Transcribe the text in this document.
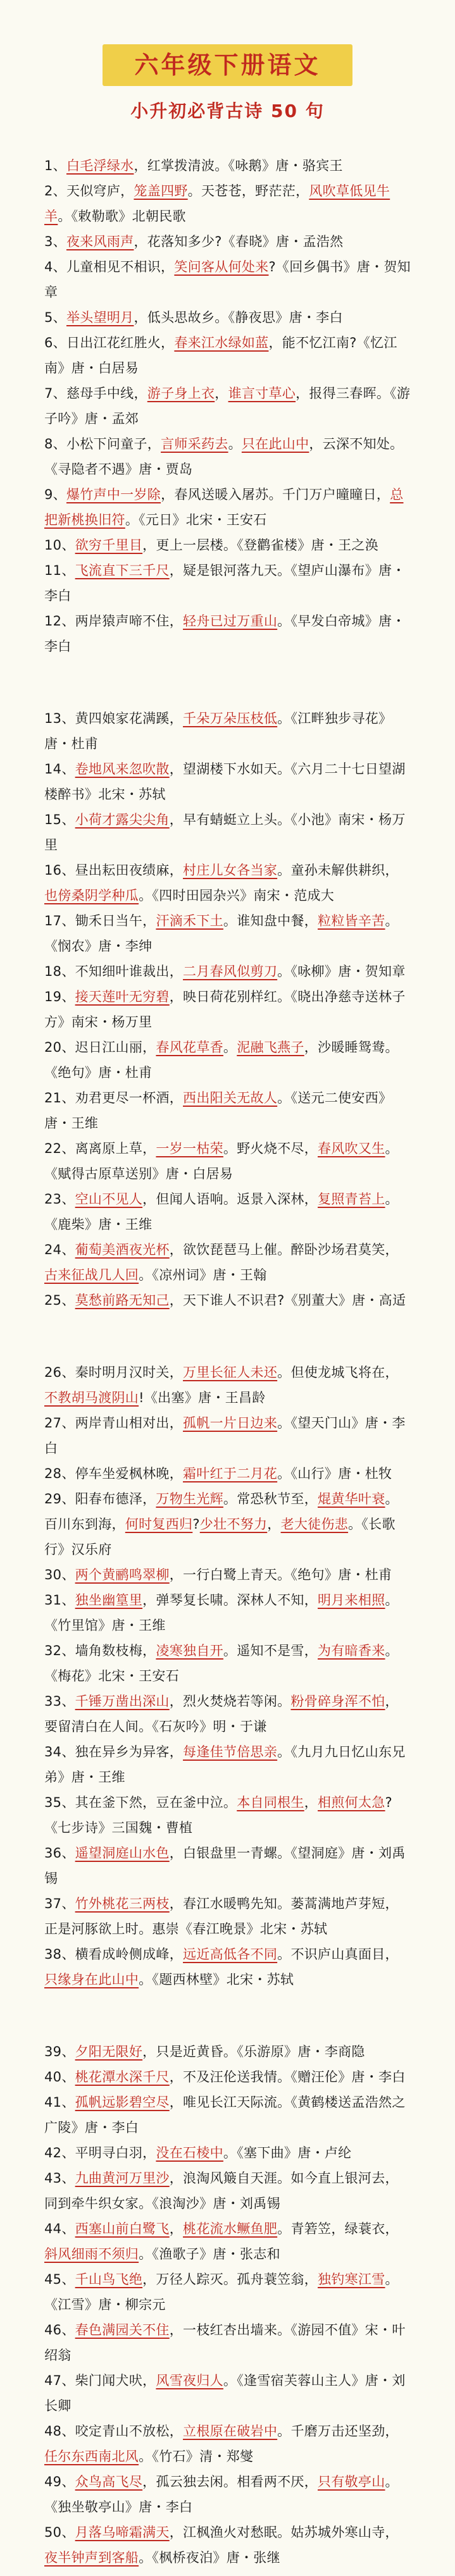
六年级下册语文
小升初必背古诗 50 句
1、白毛浮绿水，红掌拨清波。《咏鹅》唐・骆宾王
2、天似穹庐，笼盖四野。天苍苍，野茫茫，风吹草低见牛羊。《敕勒歌》北朝民歌
3、夜来风雨声，花落知多少?《春晓》唐・孟浩然
4、儿童相见不相识，笑问客从何处来?《回乡偶书》唐・贺知章
5、举头望明月，低头思故乡。《静夜思》唐・李白
6、日出江花红胜火，春来江水绿如蓝，能不忆江南?《忆江南》唐・白居易
7、慈母手中线，游子身上衣，谁言寸草心，报得三春晖。《游子吟》唐・孟郊
8、小松下问童子，言师采药去。只在此山中，云深不知处。《寻隐者不遇》唐・贾岛
9、爆竹声中一岁除，春风送暖入屠苏。千门万户曈曈日，总把新桃换旧符。《元日》北宋・王安石
10、欲穷千里目，更上一层楼。《登鹳雀楼》唐・王之涣
11、飞流直下三千尺，疑是银河落九天。《望庐山瀑布》唐・李白
12、两岸猿声啼不住，轻舟已过万重山。《早发白帝城》唐・李白
13、黄四娘家花满蹊，千朵万朵压枝低。《江畔独步寻花》唐・杜甫
14、卷地风来忽吹散，望湖楼下水如天。《六月二十七日望湖楼醉书》北宋・苏轼
15、小荷才露尖尖角，早有蜻蜓立上头。《小池》南宋・杨万里
16、昼出耘田夜绩麻，村庄儿女各当家。童孙未解供耕织，也傍桑阴学种瓜。《四时田园杂兴》南宋・范成大
17、锄禾日当午，汗滴禾下土。谁知盘中餐，粒粒皆辛苦。《悯农》唐・李绅
18、不知细叶谁裁出，二月春风似剪刀。《咏柳》唐・贺知章
19、接天莲叶无穷碧，映日荷花别样红。《晓出净慈寺送林子方》南宋・杨万里
20、迟日江山丽，春风花草香。泥融飞燕子，沙暖睡鸳鸯。《绝句》唐・杜甫
21、劝君更尽一杯酒，西出阳关无故人。《送元二使安西》唐・王维
22、离离原上草，一岁一枯荣。野火烧不尽，春风吹又生。《赋得古原草送别》唐・白居易
23、空山不见人，但闻人语响。返景入深林，复照青苔上。《鹿柴》唐・王维
24、葡萄美酒夜光杯，欲饮琵琶马上催。醉卧沙场君莫笑，古来征战几人回。《凉州词》唐・王翰
25、莫愁前路无知己，天下谁人不识君?《别董大》唐・高适
26、秦时明月汉时关，万里长征人未还。但使龙城飞将在，不教胡马渡阴山!《出塞》唐・王昌龄
27、两岸青山相对出，孤帆一片日边来。《望天门山》唐・李白
28、停车坐爱枫林晚，霜叶红于二月花。《山行》唐・杜牧
29、阳春布德泽，万物生光辉。常恐秋节至，焜黄华叶衰。百川东到海，何时复西归?少壮不努力，老大徒伤悲。《长歌行》汉乐府
30、两个黄鹂鸣翠柳，一行白鹭上青天。《绝句》唐・杜甫
31、独坐幽篁里，弹琴复长啸。深林人不知，明月来相照。《竹里馆》唐・王维
32、墙角数枝梅，凌寒独自开。遥知不是雪，为有暗香来。《梅花》北宋・王安石
33、千锤万凿出深山，烈火焚烧若等闲。粉骨碎身浑不怕，要留清白在人间。《石灰吟》明・于谦
34、独在异乡为异客，每逢佳节倍思亲。《九月九日忆山东兄弟》唐・王维
35、其在釜下然，豆在釜中泣。本自同根生，相煎何太急?《七步诗》三国魏・曹植
36、遥望洞庭山水色，白银盘里一青螺。《望洞庭》唐・刘禹锡
37、竹外桃花三两枝，春江水暖鸭先知。蒌蒿满地芦芽短，正是河豚欲上时。惠崇《春江晚景》北宋・苏轼
38、横看成岭侧成峰，远近高低各不同。不识庐山真面目，只缘身在此山中。《题西林壁》北宋・苏轼
39、夕阳无限好，只是近黄昏。《乐游原》唐・李商隐
40、桃花潭水深千尺，不及汪伦送我情。《赠汪伦》唐・李白
41、孤帆远影碧空尽，唯见长江天际流。《黄鹤楼送孟浩然之广陵》唐・李白
42、平明寻白羽，没在石棱中。《塞下曲》唐・卢纶
43、九曲黄河万里沙，浪淘风簸自天涯。如今直上银河去，同到牵牛织女家。《浪淘沙》唐・刘禹锡
44、西塞山前白鹭飞，桃花流水鳜鱼肥。青箬笠，绿蓑衣，斜风细雨不须归。《渔歌子》唐・张志和
45、千山鸟飞绝，万径人踪灭。孤舟蓑笠翁，独钓寒江雪。《江雪》唐・柳宗元
46、春色满园关不住，一枝红杏出墙来。《游园不值》宋・叶绍翁
47、柴门闻犬吠，风雪夜归人。《逢雪宿芙蓉山主人》唐・刘长卿
48、咬定青山不放松，立根原在破岩中。千磨万击还坚劲，任尔东西南北风。《竹石》清・郑燮
49、众鸟高飞尽，孤云独去闲。相看两不厌，只有敬亭山。《独坐敬亭山》唐・李白
50、月落乌啼霜满天，江枫渔火对愁眠。姑苏城外寒山寺，夜半钟声到客船。《枫桥夜泊》唐・张继
